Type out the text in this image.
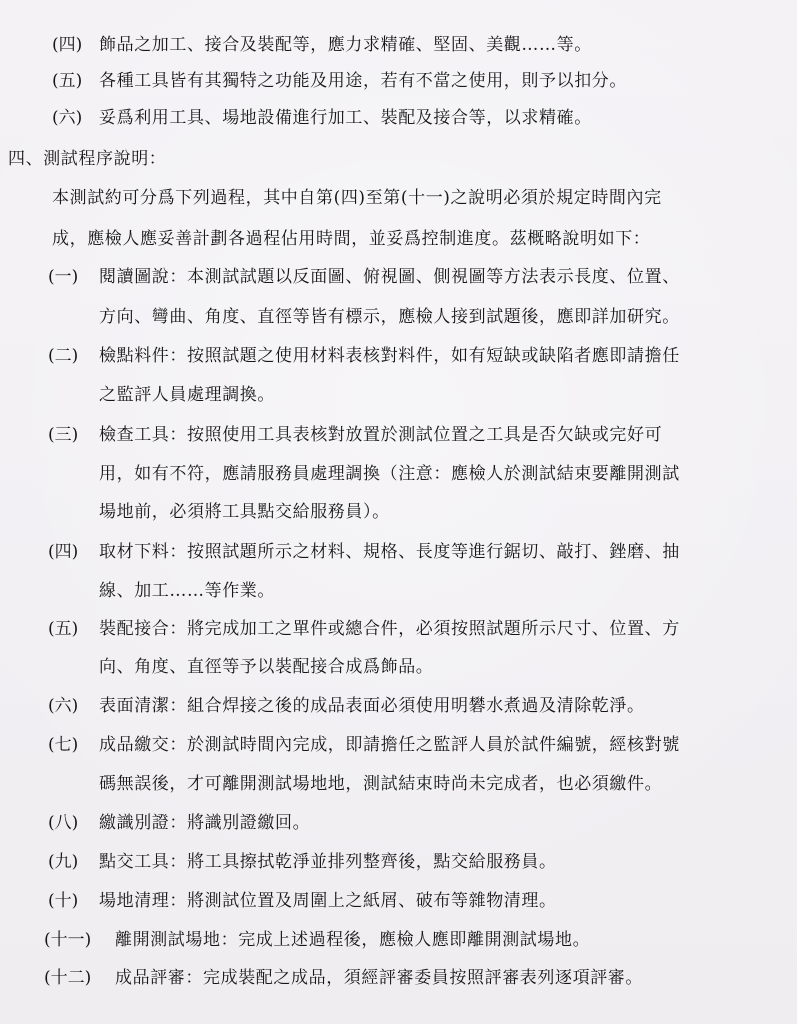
(四) 飾品之加工、接合及裝配等，應力求精確、堅固、美觀……等。
(五) 各種工具皆有其獨特之功能及用途，若有不當之使用，則予以扣分。
(六) 妥爲利用工具、場地設備進行加工、裝配及接合等，以求精確。
四、測試程序說明：
本測試約可分爲下列過程，其中自第(四)至第(十一)之說明必須於規定時間內完
成，應檢人應妥善計劃各過程佔用時間，並妥爲控制進度。茲概略說明如下：
(一) 閱讀圖說：本測試試題以反面圖、俯視圖、側視圖等方法表示長度、位置、
方向、彎曲、角度、直徑等皆有標示，應檢人接到試題後，應即詳加研究。
(二) 檢點料件：按照試題之使用材料表核對料件，如有短缺或缺陷者應即請擔任
之監評人員處理調換。
(三) 檢查工具：按照使用工具表核對放置於測試位置之工具是否欠缺或完好可
用，如有不符，應請服務員處理調換（注意：應檢人於測試結束要離開測試
場地前，必須將工具點交給服務員）。
(四) 取材下料：按照試題所示之材料、規格、長度等進行鋸切、敲打、銼磨、抽
線、加工……等作業。
(五) 裝配接合：將完成加工之單件或總合件，必須按照試題所示尺寸、位置、方
向、角度、直徑等予以裝配接合成爲飾品。
(六) 表面清潔：組合焊接之後的成品表面必須使用明礬水煮過及清除乾淨。
(七) 成品繳交：於測試時間內完成，即請擔任之監評人員於試件編號，經核對號
碼無誤後，才可離開測試場地地，測試結束時尚未完成者，也必須繳件。
(八) 繳識別證：將識別證繳回。
(九) 點交工具：將工具擦拭乾淨並排列整齊後，點交給服務員。
(十) 場地清理：將測試位置及周圍上之紙屑、破布等雜物清理。
(十一) 離開測試場地：完成上述過程後，應檢人應即離開測試場地。
(十二) 成品評審：完成裝配之成品，須經評審委員按照評審表列逐項評審。
